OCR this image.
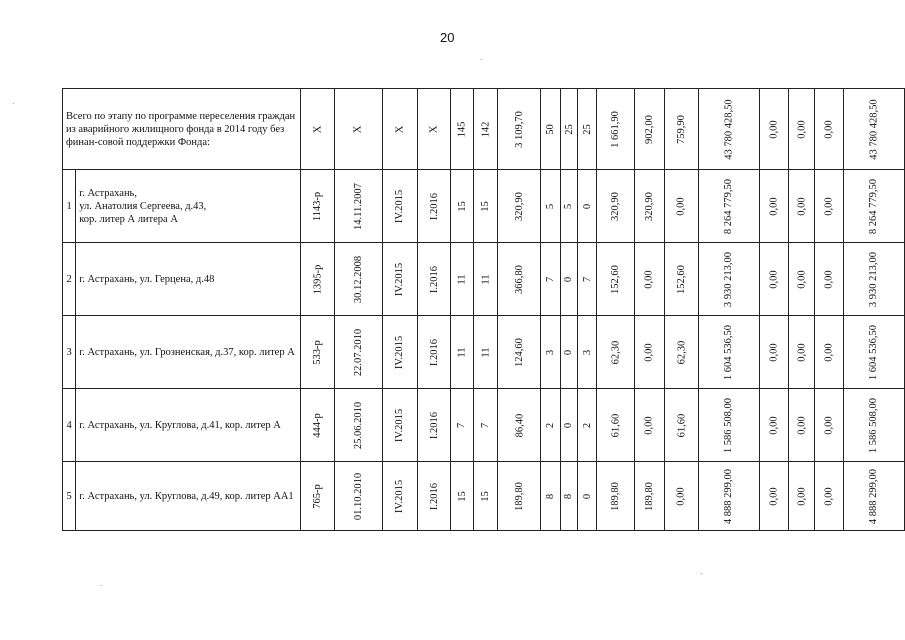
20
Всего по этапу по программе переселения граждан из аварийного жилищного фонда в 2014 году без финан-совой поддержки Фонда:		X	X	X	X	145	142	3 109,70	50	25	25	1 661,90	902,00	759,90	43 780 428,50	0,00	0,00	0,00	43 780 428,50

1	г. Астрахань,
ул. Анатолия Сергеева, д.43,
кор. литер А литера А	1143-р	14.11.2007	IV.2015	I.2016	15	15	320,90	5	5	0	320,90	320,90	0,00	8 264 779,50	0,00	0,00	0,00	8 264 779,50

2	г. Астрахань, ул. Герцена, д.48	1395-р	30.12.2008	IV.2015	I.2016	11	11	366,80	7	0	7	152,60	0,00	152,60	3 930 213,00	0,00	0,00	0,00	3 930 213,00

3	г. Астрахань, ул. Грозненская, д.37, кор. литер А	533-р	22.07.2010	IV.2015	I.2016	11	11	124,60	3	0	3	62,30	0,00	62,30	1 604 536,50	0,00	0,00	0,00	1 604 536,50

4	г. Астрахань, ул. Круглова, д.41, кор. литер А	444-р	25.06.2010	IV.2015	I.2016	7	7	86,40	2	0	2	61,60	0,00	61,60	1 586 508,00	0,00	0,00	0,00	1 586 508,00

5	г. Астрахань, ул. Круглова, д.49, кор. литер АА1	765-р	01.10.2010	IV.2015	I.2016	15	15	189,80	8	8	0	189,80	189,80	0,00	4 888 299,00	0,00	0,00	0,00	4 888 299,00
.
.
.
·
